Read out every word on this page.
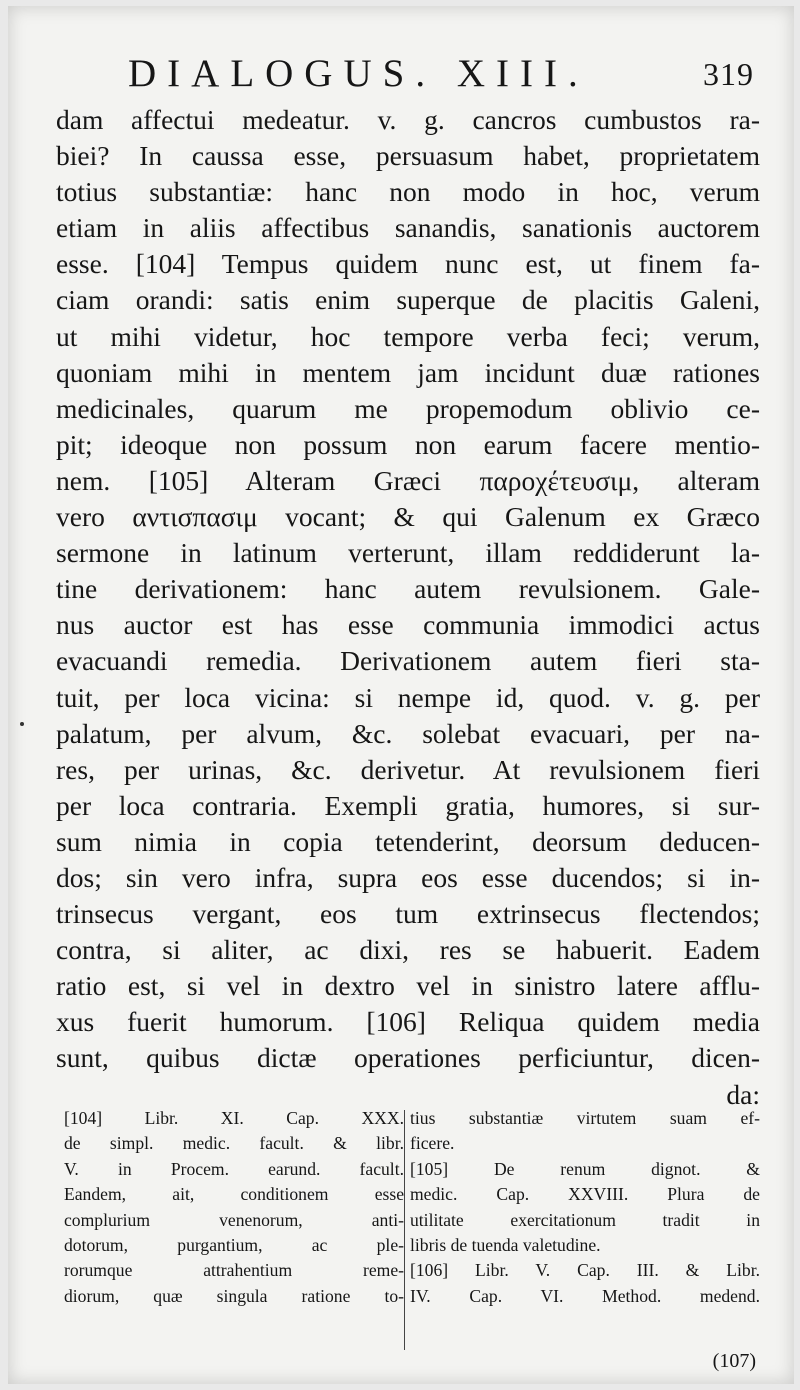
DIALOGUS. XIII.	319
dam affectui medeatur. v. g. cancros cumbustos ra-
biei? In caussa esse, persuasum habet, proprietatem
totius substantiæ: hanc non modo in hoc, verum
etiam in aliis affectibus sanandis, sanationis auctorem
esse. [104] Tempus quidem nunc est, ut finem fa-
ciam orandi: satis enim superque de placitis Galeni,
ut mihi videtur, hoc tempore verba feci; verum,
quoniam mihi in mentem jam incidunt duæ rationes
medicinales, quarum me propemodum oblivio ce-
pit; ideoque non possum non earum facere mentio-
nem. [105] Alteram Græci παροχέτευσιμ, alteram
vero αντισπασιμ vocant; & qui Galenum ex Græco
sermone in latinum verterunt, illam reddiderunt la-
tine derivationem: hanc autem revulsionem. Gale-
nus auctor est has esse communia immodici actus
evacuandi remedia. Derivationem autem fieri sta-
tuit, per loca vicina: si nempe id, quod. v. g. per
palatum, per alvum, &c. solebat evacuari, per na-
res, per urinas, &c. derivetur. At revulsionem fieri
per loca contraria. Exempli gratia, humores, si sur-
sum nimia in copia tetenderint, deorsum deducen-
dos; sin vero infra, supra eos esse ducendos; si in-
trinsecus vergant, eos tum extrinsecus flectendos;
contra, si aliter, ac dixi, res se habuerit. Eadem
ratio est, si vel in dextro vel in sinistro latere afflu-
xus fuerit humorum. [106] Reliqua quidem media
sunt, quibus dictæ operationes perficiuntur, dicen-
da:
[104] Libr. XI. Cap. XXX.
de simpl. medic. facult. & libr.
V. in Procem. earund. facult.
Eandem, ait, conditionem esse
complurium venenorum, anti-
dotorum, purgantium, ac ple-
rorumque attrahentium reme-
diorum, quæ singula ratione to-
tius substantiæ virtutem suam ef-
ficere.
[105] De renum dignot. &
medic. Cap. XXVIII. Plura de
utilitate exercitationum tradit in
libris de tuenda valetudine.
[106] Libr. V. Cap. III. & Libr.
IV. Cap. VI. Method. medend.
(107)
